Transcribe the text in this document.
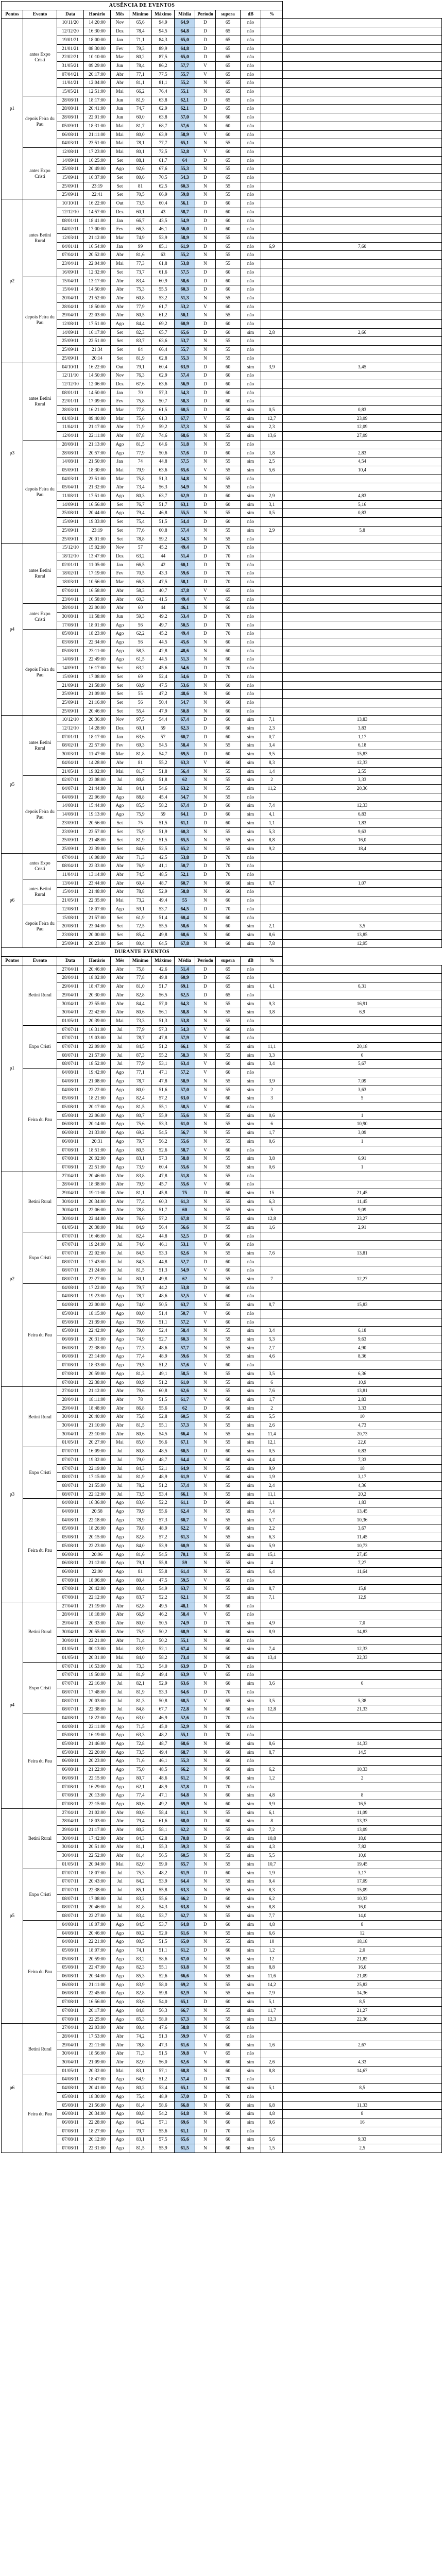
AUSÊNCIA DE EVENTOS												
Pontos	Evento	Data	Horário	Mês	Mínimo	Máximo	Média	Período	supera	dB	%	
p1	antes Expo Cristi	10/11/20	14:20:00	Nov	65,6	94,9	64,9	D	65	não		
		12/12/20	16:30:00	Dez	78,4	94,5	64,8	D	65	não		
		19/01/21	18:00:00	Jan	71,1	84,3	65,0	D	65	não		
		21/01/21	08:30:00	Fev	79,3	89,9	64,8	D	65	não		
		22/02/21	10:10:00	Mar	80,2	87,5	65,0	D	65	não		
		31/05/21	09:29:00	Jun	78,4	86,2	57,7	V	65	não		
		07/04/21	20:17:00	Abr	77,1	77,5	55,7	V	65	não		
		11/04/21	12:04:00	Abr	81,1	81,1	55,2	N	65	não		
		15/05/21	12:51:00	Mai	66,2	76,4	55,1	N	65	não		
	depois Feira du Pau	28/08/11	18:17:00	Jun	81,9	63,8	62,1	D	65	não		
		28/08/11	20:41:00	Jun	74,7	62,9	62,1	D	65	não		
		28/08/11	22:01:00	Jun	60,0	63,8	57,0	N	60	não		
		05/09/11	18:31:00	Mai	81,7	68,7	57,6	N	60	não		
		06/08/11	21:11:00	Mai	80,0	63,9	58,9	V	60	não		
		04/03/11	23:51:00	Mai	78,1	77,7	65,1	N	55	não		
	antes Expo Cristi	12/08/11	17:23:00	Mai	80,1	72,5	52,8	V	60	não		
		14/09/11	16:25:00	Set	88,1	61,7	64	D	65	não		
		25/08/11	20:49:00	Ago	92,6	67,6	55,3	N	55	não		
		15/09/11	16:37:00	Set	80,6	70,5	54,3	D	65	não		
		25/09/11	23:19	Set	81	62,5	60,3	N	55	não		
		25/09/11	22:41	Set	70,5	66,9	59,8	N	55	não		
p2	antes Betini Rural	10/10/11	16:22:00	Out	73,5	60,4	56,1	D	60	não		
		12/12/10	14:57:00	Dez	60,1	43	58,7	D	60	não		
		08/01/11	18:41:00	Jan	66,7	43,5	54,9	D	60	não		
		04/02/11	17:00:00	Fev	66,3	46,1	56,0	D	60	não		
		12/03/11	21:12:00	Mar	74,9	53,9	58,9	N	55	não		
		04/01/11	16:54:00	Jan	99	85,1	61,9	D	65	não	6,9	7,60
		07/04/11	20:52:00	Abr	81,6	63	55,2	N	55	não		
		23/04/11	22:04:00	Mai	77,3	61,8	53,8	N	55	não		
		16/09/11	12:32:00	Set	73,7	61,6	57,5	D	60	não		
	depois Feira du Pau	15/04/11	13:17:00	Abr	83,4	60,9	58,6	D	60	não		
		15/04/11	14:50:00	Abr	75,3	55,5	60,3	D	60	não		
		20/04/11	21:52:00	Abr	60,8	53,2	51,3	N	55	não		
		28/04/11	18:50:00	Abr	77,9	61,7	53,2	V	60	não		
		29/04/11	22:03:00	Abr	80,5	61,2	50,1	N	55	não		
		12/08/11	17:51:00	Ago	84,4	69,2	60,9	D	60	não		
		14/09/11	16:17:00	Set	82,3	65,7	65,6	D	60	sim	2,8	2,66
		25/09/11	22:51:00	Set	83,7	63,6	53,7	N	55	não		
		25/09/11	21:34	Set	84	66,4	55,7	N	55	não		
		25/09/11	20:14	Set	81,9	62,8	55,3	N	55	não		
p3	antes Betini Rural	04/10/11	16:22:00	Out	79,1	60,4	63,9	D	60	sim	3,9	3,45
		12/11/10	14:50:00	Nov	76,3	62,9	57,4	D	60	não		
		12/12/10	12:06:00	Dez	67,6	63,6	56,9	D	60	não		
		08/01/11	14:50:00	Jan	70	57,3	54,3	D	60	não		
		22/01/11	17:09:00	Fev	75,8	50,7	58,3	D	60	não		
		28/03/11	16:21:00	Mar	77,8	61,5	60,5	D	60	sim	0,5	0,83
		01/03/11	09:40:00	Mar	75,6	61,3	67,7	V	55	sim	12,7	23,09
		11/04/11	21:17:00	Abr	71,9	59,2	57,3	N	55	sim	2,3	12,09
		12/04/11	22:11:00	Abr	87,8	74,6	68,6	N	55	sim	13,6	27,09
	depois Feira du Pau	28/08/11	21:13:00	Ago	81,5	64,6	51,8	N	55	não		
		28/08/11	20:57:00	Ago	77,9	50,6	57,6	D	60	não	1,8	2,83
		14/08/11	21:50:00	Jan	74	44,8	57,5	N	55	sim	2,5	4,54
		05/09/11	18:30:00	Mai	79,9	63,6	65,6	V	55	sim	5,6	10,4
		04/03/11	23:51:00	Mar	75,8	51,3	54,8	N	55	não		
		05/04/11	21:32:00	Abr	73,4	56,3	54,9	N	55	não		
		11/08/11	17:51:00	Ago	80,3	63,7	62,9	D	60	sim	2,9	4,83
		14/09/11	16:56:00	Set	76,7	51,7	63,1	D	60	sim	3,1	5,16
		25/08/11	20:44:00	Ago	79,4	46,8	55,5	N	55	sim	0,5	0,83
		15/09/11	19:33:00	Set	75,4	51,5	54,4	D	60	não		
		25/09/11	23:19	Set	77,6	60,8	57,4	N	55	sim	2,9	5,8
		25/09/11	20:01:00	Set	78,8	59,2	54,3	N	55	não		
p4	antes Betini Rural	15/12/10	15:02:00	Nov	57	45,2	49,4	D	70	não		
		18/12/10	13:47:00	Dez	63,2	44	51,4	D	70	não		
		02/01/11	11:05:00	Jan	66,5	42	60,1	D	70	não		
		18/02/11	17:19:00	Fev	70,5	43,3	59,6	D	70	não		
		18/03/11	10:56:00	Mar	66,3	47,5	58,1	D	70	não		
		07/04/11	16:58:00	Abr	58,3	40,7	47,8	V	65	não		
		23/04/11	16:58:00	Abr	60,3	41,5	49,4	V	65	não		
	antes Expo Cristi	28/04/11	22:00:00	Abr	60	44	46,1	N	60	não		
		30/08/11	11:58:00	Jun	59,3	49,2	53,4	D	70	não		
		17/08/11	18:01:00	Ago	56	49,7	50,5	D	70	não		
	depois Feira du Pau	05/08/11	18:23:00	Ago	62,2	45,2	49,4	D	70	não		
		03/08/11	22:34:00	Ago	56	44,5	45,6	N	60	não		
		05/08/11	23:11:00	Ago	58,3	42,8	48,6	N	60	não		
		14/08/11	22:49:00	Ago	61,5	44,5	51,3	N	60	não		
		14/09/11	16:17:00	Set	63,2	45,6	54,6	D	70	não		
		15/09/11	17:08:00	Set	69	52,4	54,6	D	70	não		
		21/09/11	21:58:00	Set	60,9	47,5	53,6	N	60	não		
		25/09/11	21:09:00	Set	55	47,2	48,6	N	60	não		
		25/09/11	21:16:00	Set	56	50,4	54,7	N	60	não		
		25/09/11	20:46:00	Set	55,4	47,9	50,8	N	60	não		
p5	antes Betini Rural	10/12/10	20:36:00	Nov	97,5	54,4	67,4	D	60	sim	7,1	13,83
		12/12/10	14:28:00	Dez	60,1	59	62,3	D	60	sim	2,3	3,83
		07/01/11	18:17:00	Jan	63,6	57	60,7	D	60	sim	0,7	1,17
		08/02/11	22:57:00	Fev	69,3	54,5	58,4	N	55	sim	3,4	6,18
		30/03/11	11:47:00	Mar	81,8	54,7	69,5	D	60	sim	9,5	15,83
		04/04/11	14:28:00	Abr	81	55,2	63,3	V	60	sim	8,3	12,33
		21/05/11	19:02:00	Mai	81,7	51,8	56,4	N	55	sim	1,4	2,55
	depois Feira du Pau	02/07/11	23:08:00	Jul	80,8	51,8	62	N	55	sim	2	3,33
		04/07/11	21:44:00	Jul	84,1	54,6	63,2	N	55	sim	11,2	20,36
		04/08/11	22:06:00	Ago	88,8	45,4	54,7	N	55	não		
		14/08/11	15:44:00	Ago	85,5	58,2	67,4	D	60	sim	7,4	12,33
		14/08/11	19:13:00	Ago	75,9	59	64,1	D	60	sim	4,1	6,83
		23/09/11	20:56:00	Set	75	51,5	61,1	D	60	sim	1,1	1,83
		23/09/11	23:57:00	Set	75,9	51,9	60,3	N	55	sim	5,3	9,63
		25/09/11	21:48:00	Set	81,9	51,5	65,5	N	55	sim	8,8	16,0
		25/09/11	22:39:00	Set	84,6	52,5	65,2	N	55	sim	9,2	18,4
p6	antes Expo Cristi	07/04/11	16:08:00	Abr	71,3	42,5	53,8	D	70	não		
		08/04/11	22:33:00	Abr	76,9	41,1	50,7	D	70	não		
		11/04/11	13:14:00	Abr	74,5	48,5	52,1	D	70	não		
	antes Betini Rural	13/04/11	23:44:00	Abr	60,4	48,7	60,7	N	60	sim	0,7	1,07
		15/04/11	21:48:00	Abr	78,8	52,9	58,8	N	60	não		
		21/05/11	22:35:00	Mai	73,2	49,4	55	N	60	não		
	depois Feira du Pau	12/08/11	18:07:00	Ago	59,1	53,7	64,5	D	70	não		
		15/08/11	21:57:00	Set	61,9	51,4	60,4	N	60	não		
		20/08/11	23:04:00	Set	72,5	55,5	58,6	N	60	sim	2,1	3,5
		23/08/11	20:00:00	Set	85,4	49,8	68,6	N	60	sim	8,6	13,85
		25/09/11	20:23:00	Set	80,4	64,5	67,8	N	60	sim	7,8	12,95
DURANTE EVENTOS												
Pontos	Evento	Data	Horário	Mês	Mínimo	Máximo	Média	Período	supera	dB	%	
p1	Betini Rural	27/04/11	20:46:00	Abr	75,8	42,6	51,4	D	65	não		
		28/04/11	18:02:00	Abr	77,8	49,8	60,9	D	65	não		
		29/04/11	18:47:00	Abr	81,0	51,7	69,1	D	65	sim	4,1	6,31
		29/04/11	20:30:00	Abr	82,8	56,5	62,5	D	65	não		
		30/04/11	23:55:00	Abr	84,4	57,0	64,3	N	55	sim	9,3	16,91
		30/04/11	22:42:00	Abr	80,6	56,1	58,8	N	55	sim	3,8	6,9
		01/05/11	20:39:00	Mai	73,3	51,3	53,8	N	55	não		
	Expo Cristi	07/07/11	16:31:00	Jul	77,9	57,3	54,3	V	60	não		
		07/07/11	19:03:00	Jul	78,7	47,8	57,9	V	60	não		
		07/07/11	22:09:00	Jul	84,5	51,2	66,1	N	55	sim	11,1	20,18
		08/07/11	21:57:00	Jul	87,3	55,2	58,3	N	55	sim	3,3	6
		08/07/11	18:52:00	Jul	77,9	53,1	63,4	V	60	sim	3,4	5,67
	Feira du Pau	04/08/11	19:42:00	Ago	77,1	47,1	57,2	V	60	não		
		04/08/11	21:08:00	Ago	78,7	47,8	58,9	N	55	sim	3,9	7,09
		04/08/11	22:22:00	Ago	80,0	51,6	57,0	N	55	sim	2	3,63
		05/08/11	18:21:00	Ago	82,4	57,2	63,0	V	60	sim	3	5
		05/08/11	20:17:00	Ago	81,5	55,1	58,5	V	60	não		
		05/08/11	22:06:00	Ago	80,7	55,9	55,6	N	55	sim	0,6	1
		06/08/11	20:14:00	Ago	75,6	53,3	61,0	N	55	sim	6	10,90
		06/08/11	21:33:00	Ago	69,2	54,5	56,7	N	55	sim	1,7	3,09
		06/08/11	20:31	Ago	79,7	56,2	55,6	N	55	sim	0,6	1
		07/08/11	18:51:00	Ago	80,5	52,6	58,7	V	60	não		
		07/08/11	20:02:00	Ago	83,1	57,3	58,8	N	55	sim	3,8	6,91
		07/08/11	22:51:00	Ago	73,9	60,4	55,6	N	55	sim	0,6	1
p2	Betini Rural	27/04/11	20:46:00	Abr	83,8	47,8	51,8	N	55	não		
		28/04/11	18:38:00	Abr	79,9	45,7	55,6	V	60	não		
		29/04/11	19:11:00	Abr	81,1	45,8	75	D	60	sim	15	21,45
		30/04/11	20:34:00	Abr	77,4	60,3	61,3	N	55	sim	6,3	11,45
		30/04/11	22:06:00	Abr	78,8	51,7	60	N	55	sim	5	9,09
		30/04/11	22:44:00	Abr	76,6	57,2	67,8	N	55	sim	12,8	23,27
		01/05/11	20:38:00	Mai	84,9	56,4	56,6	N	55	sim	1,6	2,91
	Expo Cristi	07/07/11	16:46:00	Jul	82,4	44,8	52,5	D	60	não		
		07/07/11	19:24:00	Jul	74,6	46,1	53,1	V	60	não		
		07/07/11	22:02:00	Jul	84,5	53,3	62,6	N	55	sim	7,6	13,81
		08/07/11	17:43:00	Jul	84,3	44,8	52,7	D	60	não		
		08/07/11	21:24:00	Jul	81,5	51,3	54,9	V	60	não		
		08/07/11	22:27:00	Jul	80,1	49,8	62	N	55	sim	7	12,27
	Feira du Pau	04/08/11	17:22:00	Ago	79,7	44,2	53,8	D	60	não		
		04/08/11	19:23:00	Ago	78,7	48,6	52,5	V	60	não		
		04/08/11	22:00:00	Ago	74,0	50,5	63,7	N	55	sim	8,7	15,83
		05/08/11	18:15:00	Ago	80,0	51,4	50,7	V	60	não		
		05/08/11	21:39:00	Ago	79,6	51,1	57,2	V	60	não		
		05/08/11	22:42:00	Ago	79,0	52,4	58,4	N	55	sim	3,4	6,18
		06/08/11	20:31:00	Ago	74,9	52,7	60,3	N	55	sim	5,3	9,63
		06/08/11	22:38:00	Ago	77,3	48,6	57,7	N	55	sim	2,7	4,90
		06/08/11	23:14:00	Ago	77,4	48,9	59,6	N	55	sim	4,6	8,36
		07/08/11	18:33:00	Ago	79,5	51,2	57,6	V	60	não		
		07/08/11	20:59:00	Ago	81,3	49,1	58,5	N	55	sim	3,5	6,36
		07/08/11	22:38:00	Ago	80,9	51,2	61,0	N	55	sim	6	10,9
p3	Betini Rural	27/04/11	21:12:00	Abr	79,6	60,8	62,6	N	55	sim	7,6	13,81
		28/04/11	18:11:00	Abr	78	51,5	61,7	V	60	sim	1,7	2,83
		29/04/11	18:48:00	Abr	86,8	55,6	62	D	60	sim	2	3,33
		30/04/11	20:40:00	Abr	75,8	52,8	60,5	N	55	sim	5,5	10
		30/04/11	21:10:00	Abr	81,5	55,1	57,3	N	55	sim	2,6	4,73
		30/04/11	23:10:00	Abr	80,6	54,5	66,4	N	55	sim	11,4	20,73
		01/05/11	20:27:00	Mai	85,0	56,6	67,1	N	55	sim	12,1	22,0
	Expo Cristi	07/07/11	16:09:00	Jul	80,8	48,5	60,5	D	60	sim	0,5	0,83
		07/07/11	19:32:00	Jul	79,0	48,7	64,4	V	60	sim	4,4	7,33
		07/07/11	22:19:00	Jul	84,3	52,1	64,9	N	55	sim	9,9	18
		08/07/11	17:15:00	Jul	81,9	48,9	61,9	V	60	sim	1,9	3,17
		08/07/11	21:55:00	Jul	78,2	51,2	57,4	N	55	sim	2,4	4,36
		08/07/11	22:12:00	Jul	73,5	53,4	66,1	N	55	sim	11,1	20,2
	Feira du Pau	04/08/11	16:36:00	Ago	83,6	52,2	61,1	D	60	sim	1,1	1,83
		04/08/11	20:58	Ago	79,9	55,6	62,4	N	55	sim	7,4	13,45
		04/08/11	22:18:00	Ago	78,9	57,3	60,7	N	55	sim	5,7	10,36
		05/08/11	18:26:00	Ago	79,8	48,9	62,2	V	60	sim	2,2	3,67
		05/08/11	20:15:00	Ago	82,8	57,2	61,3	N	55	sim	6,3	11,45
		05/08/11	22:23:00	Ago	84,0	53,9	60,9	N	55	sim	5,9	10,73
		06/08/11	20:06	Ago	81,6	54,5	70,1	N	55	sim	15,1	27,45
		06/08/11	21:12:00	Ago	79,1	55,8	59	N	55	sim	4	7,27
		06/08/11	22:00	Ago	81	55,8	61,4	N	55	sim	6,4	11,64
		07/08/11	18:06:00	Ago	80,4	47,5	59,5	V	60	não		
		07/08/11	20:42:00	Ago	80,4	54,9	63,7	N	55	sim	8,7	15,8
		07/08/11	22:12:00	Ago	83,7	52,2	62,1	N	55	sim	7,1	12,9
p4	Betini Rural	27/04/11	21:19:00	Abr	62,8	49,5	48,1	N	60	não		
		28/04/11	18:18:00	Abr	66,9	46,2	58,4	V	65	não		
		29/04/11	20:33:00	Abr	80,0	50,5	74,9	D	70	sim	4,9	7,0
		30/04/11	20:55:00	Abr	75,9	50,2	68,9	N	60	sim	8,9	14,83
		30/04/11	22:21:00	Abr	71,4	50,2	55,1	N	60	não		
		01/05/11	00:13:00	Mai	83,9	52,1	67,4	N	60	sim	7,4	12,33
		01/05/11	20:31:00	Mai	84,0	58,2	73,4	N	60	sim	13,4	22,33
	Expo Cristi	07/07/11	16:53:00	Jul	73,3	54,0	63,9	D	70	não		
		07/07/11	19:50:00	Jul	81,9	49,4	63,9	V	65	não		
		07/07/11	22:16:00	Jul	82,1	52,9	63,6	N	60	sim	3,6	6
		08/07/11	17:48:00	Jul	81,9	53,3	64,6	D	70	não		
		08/07/11	20:03:00	Jul	81,3	50,8	68,5	V	65	sim	3,5	5,38
		08/07/11	22:38:00	Jul	84,8	67,7	72,8	N	60	sim	12,8	21,33
	Feira du Pau	04/08/11	18:22:00	Ago	63,0	46,9	52,6	D	70	não		
		04/08/11	22:11:00	Ago	71,5	45,0	52,9	N	60	não		
		05/08/11	16:19:00	Ago	63,3	48,2	55,1	D	70	não		
		05/08/11	21:46:00	Ago	72,8	48,7	68,6	N	60	sim	8,6	14,33
		05/08/11	22:20:00	Ago	73,5	49,4	68,7	N	60	sim	8,7	14,5
		06/08/11	20:23:00	Ago	71,6	46,1	55,3	N	60	não		
		06/08/11	21:22:00	Ago	75,0	48,5	66,2	N	60	sim	6,2	10,33
		06/08/11	22:15:00	Ago	80,7	48,6	61,2	N	60	sim	1,2	2
		07/08/11	16:29:00	Ago	62,1	48,9	57,8	D	70	não		
		07/08/11	20:13:00	Ago	77,4	47,1	64,8	N	60	sim	4,8	8
		07/08/11	22:15:00	Ago	80,6	49,2	69,9	N	60	sim	9,9	16,5
p5	Betini Rural	27/04/11	21:02:00	Abr	80,6	58,4	61,1	N	55	sim	6,1	11,09
		28/04/11	18:03:00	Abr	79,4	61,6	68,0	D	60	sim	8	13,33
		29/04/11	21:17:00	Abr	80,2	58,1	62,2	N	55	sim	7,2	13,09
		30/04/11	17:42:00	Abr	84,3	62,8	70,8	D	60	sim	10,8	18,0
		30/04/11	20:51:00	Abr	81,1	55,3	59,3	N	55	sim	4,3	7,82
		30/04/11	22:52:00	Abr	81,4	56,5	60,5	N	55	sim	5,5	10,0
		01/05/11	20:04:00	Mai	82,0	59,0	65,7	N	55	sim	10,7	19,45
	Expo Cristi	07/07/11	18:07:00	Jul	75,3	48,2	61,9	D	60	sim	1,9	3,17
		07/07/11	20:43:00	Jul	84,2	53,9	64,4	N	55	sim	9,4	17,09
		07/07/11	22:38:00	Jul	85,1	55,8	63,3	N	55	sim	8,3	15,09
		08/07/11	17:08:00	Jul	83,2	55,6	66,2	D	60	sim	6,2	10,33
		08/07/11	20:46:00	Jul	81,8	54,3	63,8	N	55	sim	8,8	16,0
		08/07/11	22:27:00	Jul	83,4	53,7	62,7	N	55	sim	7,7	14,0
	Feira du Pau	04/08/11	18:07:00	Ago	84,5	53,7	64,8	D	60	sim	4,8	8
		04/08/11	20:46:00	Ago	80,2	52,0	61,6	N	55	sim	6,6	12
		04/08/11	22:21:00	Ago	80,5	51,5	65,0	N	55	sim	10	18,18
		05/08/11	18:07:00	Ago	74,1	51,1	61,2	D	60	sim	1,2	2,0
		05/08/11	20:59:00	Ago	83,2	58,6	67,0	N	55	sim	12	21,82
		05/08/11	22:47:00	Ago	82,3	55,1	63,8	N	55	sim	8,8	16,0
		06/08/11	20:34:00	Ago	85,3	52,6	66,6	N	55	sim	11,6	21,09
		06/08/11	21:11:00	Ago	83,9	58,0	69,2	N	55	sim	14,2	25,82
		06/08/11	22:45:00	Ago	82,8	59,8	62,9	N	55	sim	7,9	14,36
		07/08/11	16:56:00	Ago	83,6	54,0	65,1	D	60	sim	5,1	8,5
		07/08/11	20:17:00	Ago	84,8	56,3	66,7	N	55	sim	11,7	21,27
		07/08/11	22:25:00	Ago	85,3	58,0	67,3	N	55	sim	12,3	22,36
p6	Betini Rural	27/04/11	22:03:00	Abr	80,4	47,6	58,8	N	60	não		
		28/04/11	17:53:00	Abr	74,2	51,3	59,9	V	65	não		
		29/04/11	22:11:00	Abr	78,8	47,3	61,6	N	60	sim	1,6	2,67
		30/04/11	18:56:00	Abr	71,3	51,5	59,8	V	65	não		
		30/04/11	21:09:00	Abr	82,0	56,0	62,6	N	60	sim	2,6	4,33
		01/05/11	20:32:00	Mai	83,1	57,1	68,8	N	60	sim	8,8	14,67
	Feira du Pau	04/08/11	18:47:00	Ago	64,9	51,2	57,4	D	70	não		
		04/08/11	20:41:00	Ago	80,2	53,4	65,1	N	60	sim	5,1	8,5
		05/08/11	18:30:00	Ago	75,4	48,9	57,0	D	70	não		
		05/08/11	21:56:00	Ago	81,4	58,6	66,8	N	60	sim	6,8	11,33
		06/08/11	20:34:00	Ago	80,8	54,2	64,8	N	60	sim	4,8	8
		06/08/11	22:28:00	Ago	84,2	57,1	69,6	N	60	sim	9,6	16
		07/08/11	18:27:00	Ago	79,7	55,6	61,1	D	70	não		
		07/08/11	20:12:00	Ago	83,1	57,5	65,6	N	60	sim	5,6	9,33
		07/08/11	22:31:00	Ago	81,5	55,9	61,5	N	60	sim	1,5	2,5
